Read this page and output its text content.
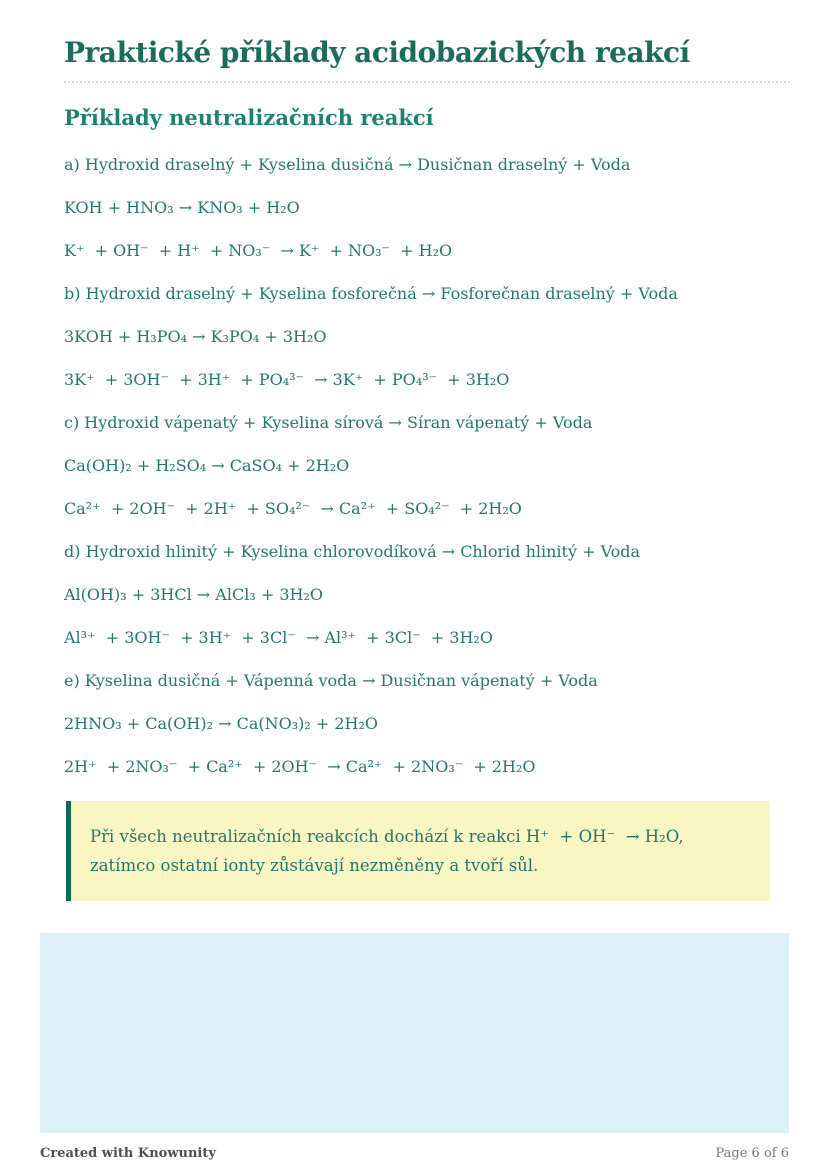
Praktické příklady acidobazických reakcí
Příklady neutralizačních reakcí

a) Hydroxid draselný + Kyselina dusičná → Dusičnan draselný + Voda

KOH + HNO₃ → KNO₃ + H₂O

K⁺  + OH⁻  + H⁺  + NO₃⁻  → K⁺  + NO₃⁻  + H₂O

b) Hydroxid draselný + Kyselina fosforečná → Fosforečnan draselný + Voda

3KOH + H₃PO₄ → K₃PO₄ + 3H₂O

3K⁺  + 3OH⁻  + 3H⁺  + PO₄³⁻  → 3K⁺  + PO₄³⁻  + 3H₂O

c) Hydroxid vápenatý + Kyselina sírová → Síran vápenatý + Voda

Ca(OH)₂ + H₂SO₄ → CaSO₄ + 2H₂O

Ca²⁺  + 2OH⁻  + 2H⁺  + SO₄²⁻  → Ca²⁺  + SO₄²⁻  + 2H₂O

d) Hydroxid hlinitý + Kyselina chlorovodíková → Chlorid hlinitý + Voda

Al(OH)₃ + 3HCl → AlCl₃ + 3H₂O

Al³⁺  + 3OH⁻  + 3H⁺  + 3Cl⁻  → Al³⁺  + 3Cl⁻  + 3H₂O

e) Kyselina dusičná + Vápenná voda → Dusičnan vápenatý + Voda

2HNO₃ + Ca(OH)₂ → Ca(NO₃)₂ + 2H₂O

2H⁺  + 2NO₃⁻  + Ca²⁺  + 2OH⁻  → Ca²⁺  + 2NO₃⁻  + 2H₂O

Při všech neutralizačních reakcích dochází k reakci H⁺  + OH⁻  → H₂O, zatímco ostatní ionty zůstávají nezměněny a tvoří sůl.

Created with Knowunity	Page 6 of 6
